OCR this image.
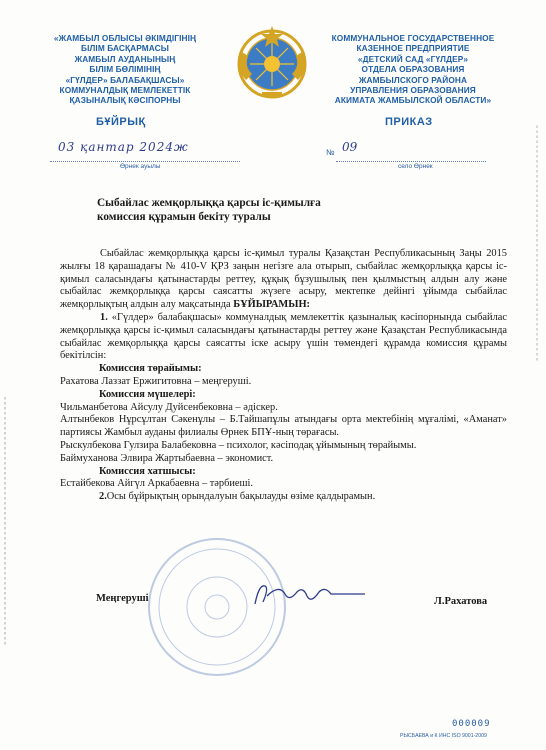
«ЖАМБЫЛ ОБЛЫСЫ ӘКІМДІГІНІҢ
БІЛІМ БАСҚАРМАСЫ
ЖАМБЫЛ АУДАНЫНЫҢ
БІЛІМ БӨЛІМІНІҢ
«ГҮЛДЕР» БАЛАБАҚШАСЫ»
КОММУНАЛДЫҚ МЕМЛЕКЕТТІК
ҚАЗЫНАЛЫҚ КӘСІПОРНЫ
КОММУНАЛЬНОЕ ГОСУДАРСТВЕННОЕ
КАЗЕННОЕ ПРЕДПРИЯТИЕ
«ДЕТСКИЙ САД «ГҮЛДЕР»
ОТДЕЛА ОБРАЗОВАНИЯ
ЖАМБЫЛСКОГО РАЙОНА
УПРАВЛЕНИЯ ОБРАЗОВАНИЯ
АКИМАТА ЖАМБЫЛСКОЙ ОБЛАСТИ»
БҰЙРЫҚ	ПРИКАЗ
03 қантар 2024ж
Өрнек ауылы
№ 09
село Өрнек
Сыбайлас жемқорлыққа қарсы іс-қимылға
комиссия құрамын бекіту туралы

Сыбайлас жемқорлыққа қарсы іс-қимыл туралы Қазақстан Республикасының Заңы 2015 жылғы 18 қарашадағы № 410-V ҚРЗ заңын негізге ала отырып, сыбайлас жемқорлыққа қарсы іс-қимыл саласындағы қатынастарды реттеу, құқық бұзушылық пен қылмыстың алдын алу және сыбайлас жемқорлыққа қарсы саясатты жүзеге асыру, мектепке дейінгі ұйымда сыбайлас жемқорлықтың алдын алу мақсатында БҰЙЫРАМЫН:

1. «Гүлдер» балабақшасы» коммуналдық мемлекеттік қазыналық кәсіпорнында сыбайлас жемқорлыққа қарсы іс-қимыл саласындағы қатынастарды реттеу және Қазақстан Республикасында сыбайлас жемқорлыққа қарсы саясатты іске асыру үшін төмендегі құрамда комиссия құрамы бекітілсін:

Комиссия төрайымы:

Рахатова Лаззат Ержигитовна – меңгеруші.

Комиссия мүшелері:

Чильманбетова Айсулу Дуйсенбековна – әдіскер.

Алтынбеков Нұрсұлтан Сәкенұлы – Б.Тайшапұлы атындағы орта мектебінің мұғалімі, «Аманат» партиясы Жамбыл ауданы филиалы Өрнек БПҰ-ның төрағасы.

Рыскулбекова Гулзира Балабековна – психолог, кәсіподақ ұйымының төрайымы.

Баймуханова Элвира Жартыбаевна – экономист.

Комиссия хатшысы:

Естайбекова Айгүл Аркабаевна – тәрбиеші.

2.Осы бұйрықтың орындалуын бақылауды өзіме қалдырамын.

Меңгеруші	Л.Рахатова
‖ ‖ ‖ ‖ ‖ ‖ ‖ ‖ ‖ ‖ ‖ ‖ ‖ ‖ ‖ ‖ ‖ ‖ ‖ ‖ ‖ ‖ ‖ ‖ ‖ ‖ ‖ ‖ ‖ ‖ ‖ ‖ ‖ ‖ ‖ ‖ ‖ ‖ ‖ ‖ ‖ ‖ ‖ ‖ ‖ ‖ ‖ ‖ ‖ ‖
‖ ‖ ‖ ‖ ‖ ‖ ‖ ‖ ‖ ‖ ‖ ‖ ‖ ‖ ‖ ‖ ‖ ‖ ‖ ‖ ‖ ‖ ‖ ‖ ‖ ‖ ‖ ‖ ‖ ‖ ‖ ‖ ‖ ‖ ‖ ‖ ‖ ‖ ‖ ‖ ‖ ‖ ‖ ‖ ‖ ‖ ‖ ‖
000009
РЫСБАЕВА и К ИНС ISO 9001-2009
